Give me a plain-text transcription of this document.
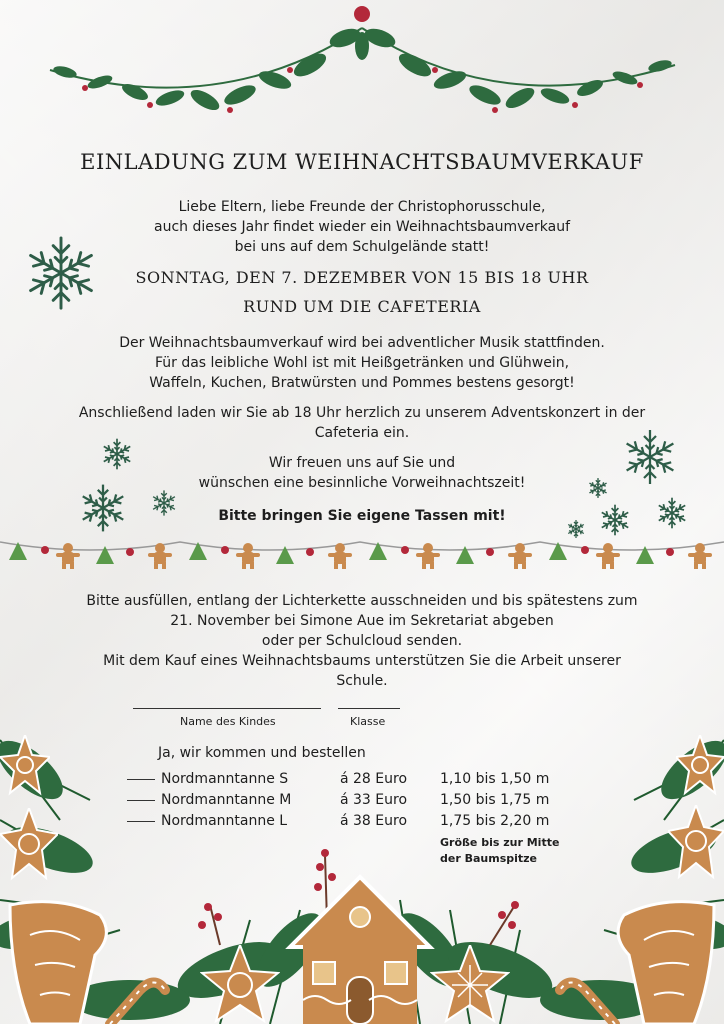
EINLADUNG ZUM WEIHNACHTSBAUMVERKAUF
Liebe Eltern, liebe Freunde der Christophorusschule,
auch dieses Jahr findet wieder ein Weihnachtsbaumverkauf
bei uns auf dem Schulgelände statt!
SONNTAG, DEN 7. DEZEMBER VON 15 BIS 18 UHR
RUND UM DIE CAFETERIA
Der Weihnachtsbaumverkauf wird bei adventlicher Musik stattfinden.
Für das leibliche Wohl ist mit Heißgetränken und Glühwein,
Waffeln, Kuchen, Bratwürsten und Pommes bestens gesorgt!
Anschließend laden wir Sie ab 18 Uhr herzlich zu unserem Adventskonzert in der
Cafeteria ein.
Wir freuen uns auf Sie und
wünschen eine besinnliche Vorweihnachtszeit!
Bitte bringen Sie eigene Tassen mit!
Bitte ausfüllen, entlang der Lichterkette ausschneiden und bis spätestens zum
21. November bei Simone Aue im Sekretariat abgeben
oder per Schulcloud senden.
Mit dem Kauf eines Weihnachtsbaums unterstützen Sie die Arbeit unserer
Schule.
Name des Kindes	Klasse
Ja, wir kommen und bestellen
Nordmanntanne S	á 28 Euro 1,10 bis 1,50 m
Nordmanntanne M	á 33 Euro 1,50 bis 1,75 m
Nordmanntanne L	á 38 Euro 1,75 bis 2,20 m
Größe bis zur Mitte
der Baumspitze
